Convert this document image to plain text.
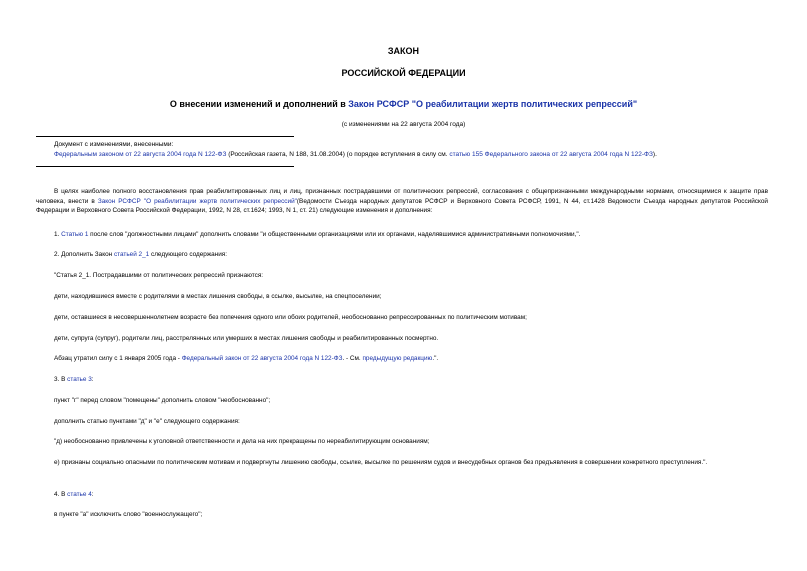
ЗАКОН
РОССИЙСКОЙ ФЕДЕРАЦИИ
О внесении изменений и дополнений в Закон РСФСР "О реабилитации жертв политических репрессий"
(с изменениями на 22 августа 2004 года)
Документ с изменениями, внесенными:
Федеральным законом от 22 августа 2004 года N 122-ФЗ (Российская газета, N 188, 31.08.2004) (о порядке вступления в силу см. статью 155 Федерального закона от 22 августа 2004 года N 122-ФЗ).
В целях наиболее полного восстановления прав реабилитированных лиц и лиц, признанных пострадавшими от политических репрессий, согласования с общепризнанными международными нормами, относящимися к защите прав человека, внести в Закон РСФСР "О реабилитации жертв политических репрессий"(Ведомости Съезда народных депутатов РСФСР и Верховного Совета РСФСР, 1991, N 44, ст.1428 Ведомости Съезда народных депутатов Российской Федерации и Верховного Совета Российской Федерации, 1992, N 28, ст.1624; 1993, N 1, ст. 21) следующие изменения и дополнения:
1. Статью 1 после слов "должностными лицами" дополнить словами "и общественными организациями или их органами, наделявшимися административными полномочиями,".
2. Дополнить Закон статьей 2_1 следующего содержания:
"Статья 2_1. Пострадавшими от политических репрессий признаются:
дети, находившиеся вместе с родителями в местах лишения свободы, в ссылке, высылке, на спецпоселении;
дети, оставшиеся в несовершеннолетнем возрасте без попечения одного или обоих родителей, необоснованно репрессированных по политическим мотивам;
дети, супруга (супруг), родители лиц, расстрелянных или умерших в местах лишения свободы и реабилитированных посмертно.
Абзац утратил силу с 1 января 2005 года - Федеральный закон от 22 августа 2004 года N 122-ФЗ. - См. предыдущую редакцию.".
3. В статье 3:
пункт "г" перед словом "помещены" дополнить словом "необоснованно";
дополнить статью пунктами "д" и "е" следующего содержания:
"д) необоснованно привлечены к уголовной ответственности и дела на них прекращены по нереабилитирующим основаниям;
е) признаны социально опасными по политическим мотивам и подвергнуты лишению свободы, ссылке, высылке по решениям судов и внесудебных органов без предъявления в совершении конкретного преступления.".
4. В статье 4:
в пункте "а" исключить слово "военнослужащего";
